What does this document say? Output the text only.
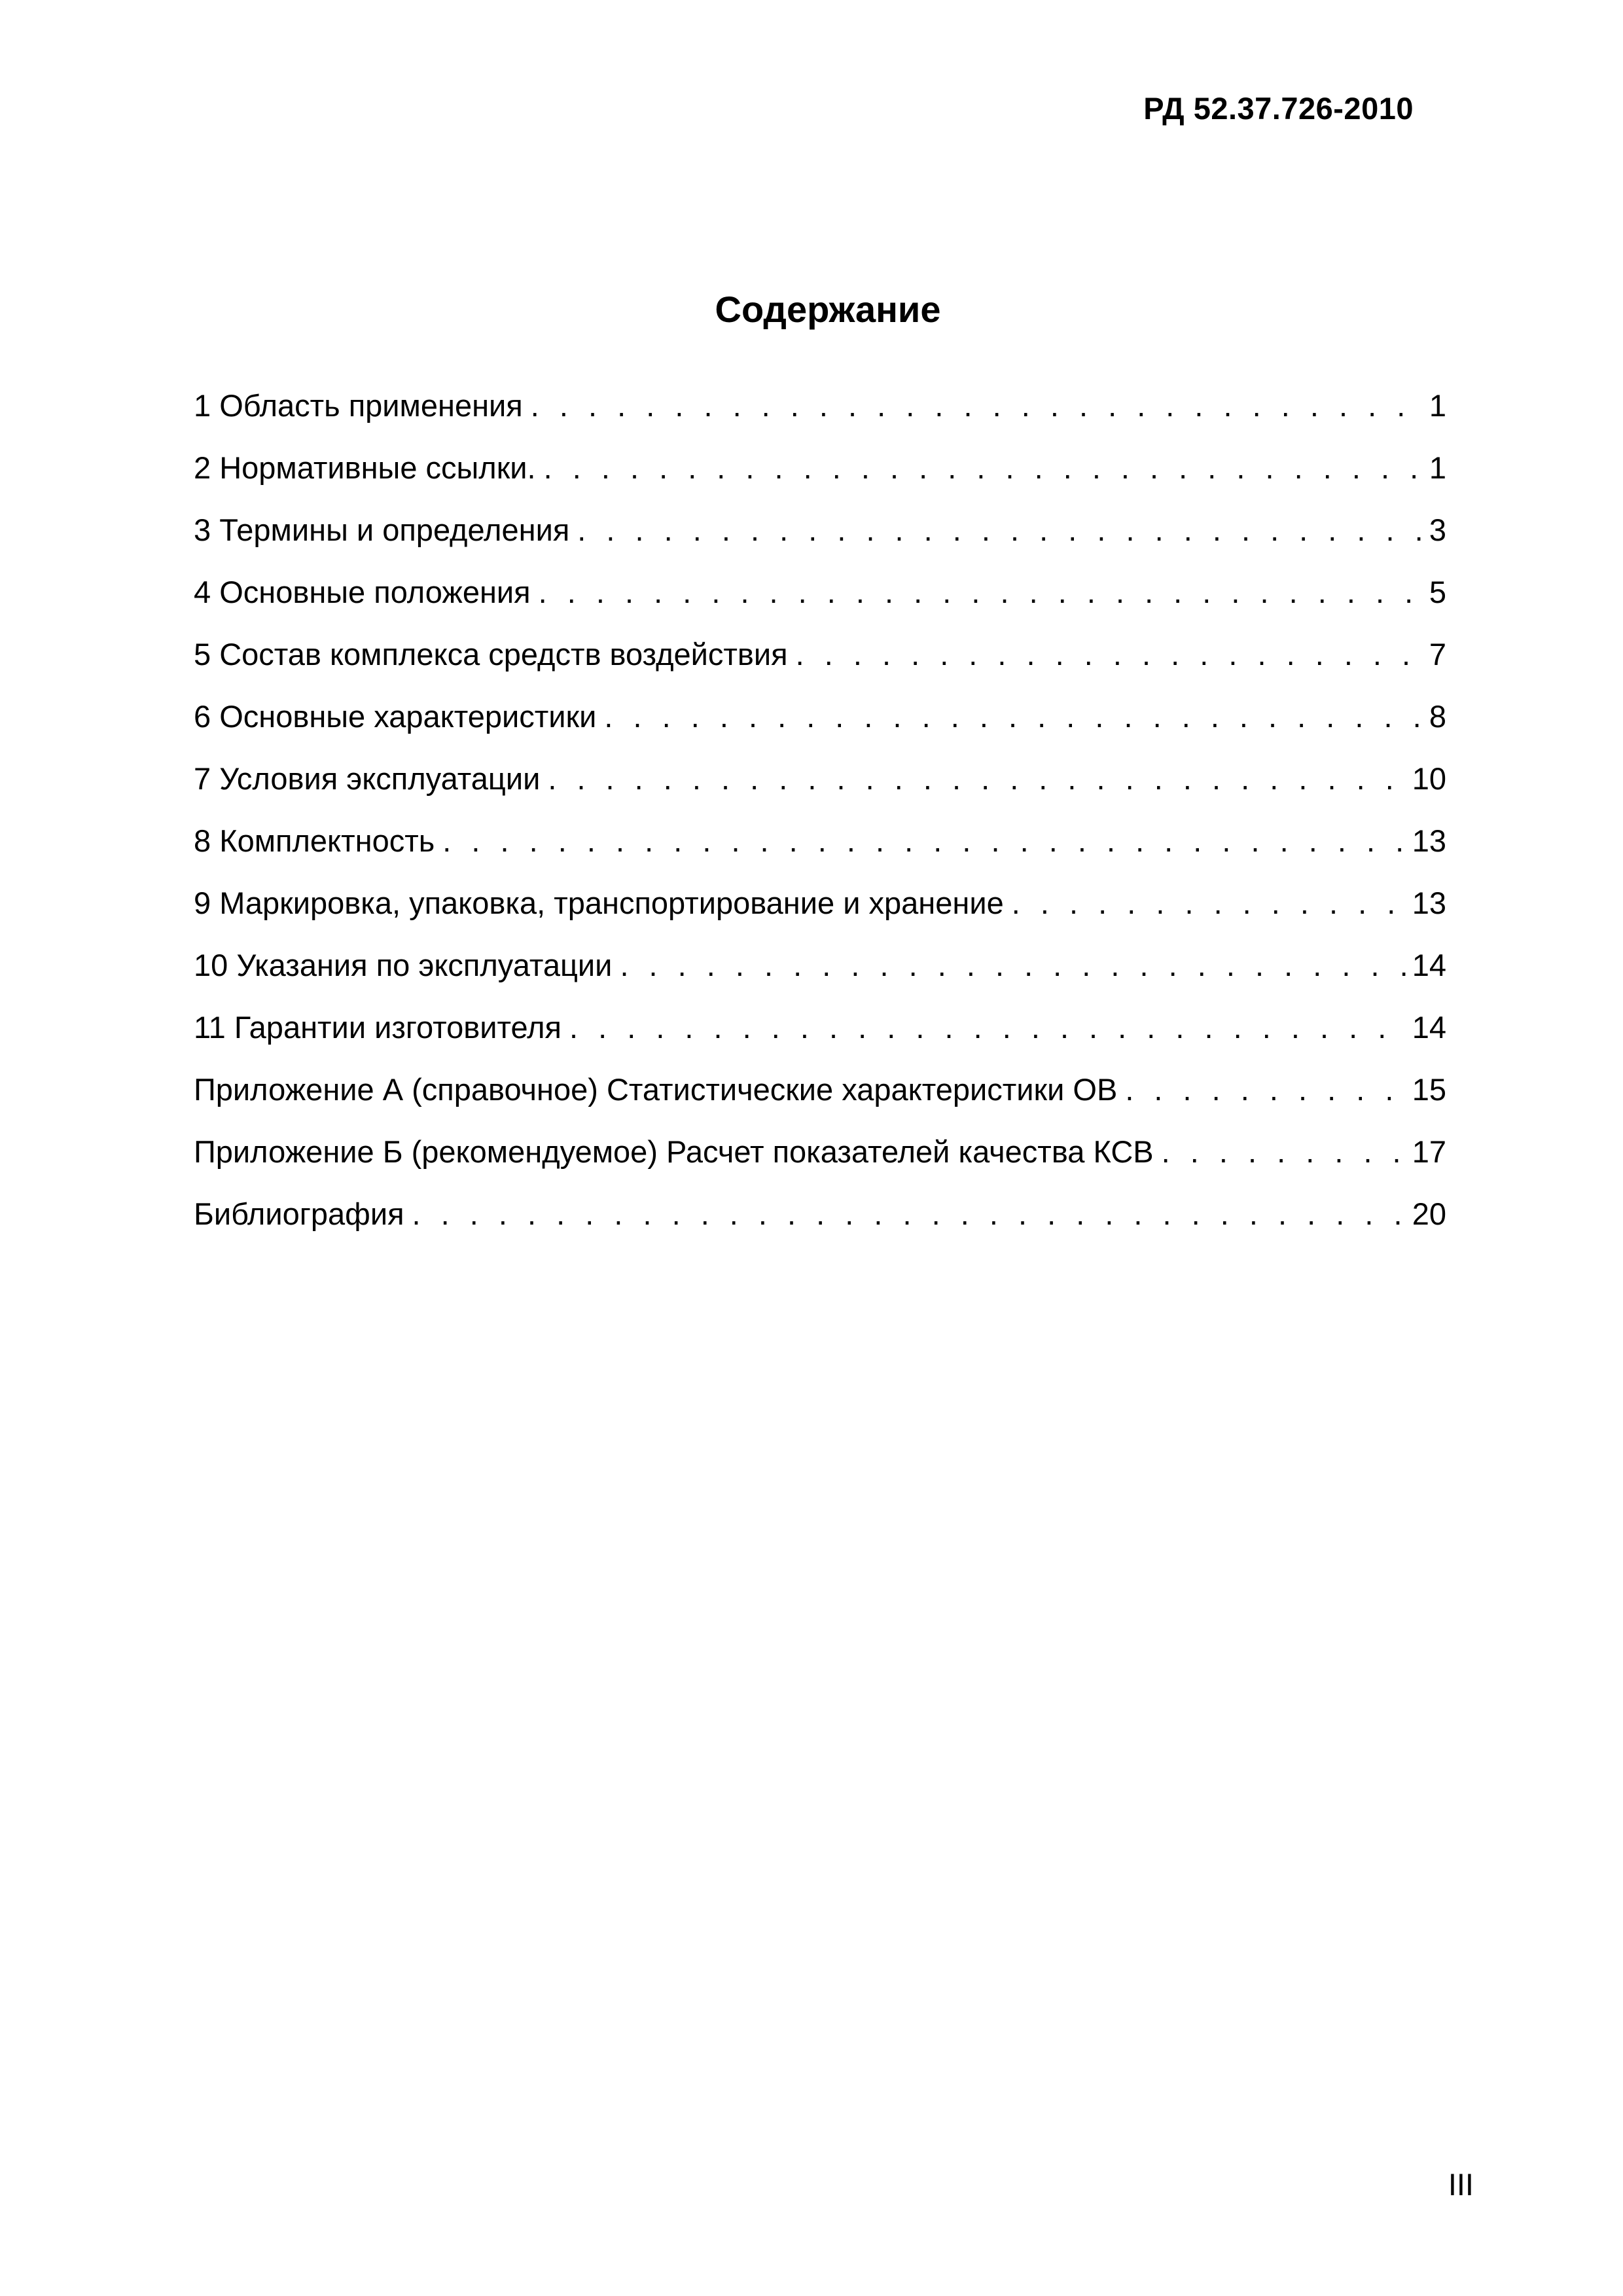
РД 52.37.726-2010
Содержание
1 Область применения . . .	1
2 Нормативные ссылки. . . .	1
3 Термины и определения . . .	3
4 Основные положения . . .	5
5 Состав комплекса средств воздействия . . .	7
6 Основные характеристики . . .	8
7 Условия эксплуатации . . .	10
8 Комплектность . . .	13
9 Маркировка, упаковка, транспортирование и хранение . . .	13
10 Указания по эксплуатации . . .	14
11 Гарантии изготовителя . . .	14
Приложение А (справочное) Статистические характеристики ОВ . . .	15
Приложение Б (рекомендуемое) Расчет показателей качества КСВ . . .	17
Библиография . . .	20
III
